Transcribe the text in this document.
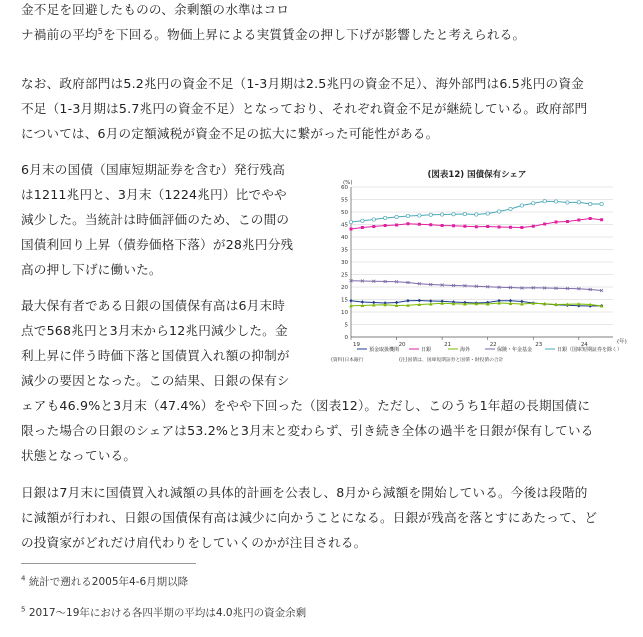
金不足を回避したものの、余剰額の水準はコロ
ナ禍前の平均$^5$を下回る。物価上昇による実質賃金の押し下げが影響したと考えられる。
なお、政府部門は5.2兆円の資金不足（1-3月期は2.5兆円の資金不足）、海外部門は6.5兆円の資金
不足（1-3月期は5.7兆円の資金不足）となっており、それぞれ資金不足が継続している。政府部門
については、6月の定額減税が資金不足の拡大に繋がった可能性がある。
6月末の国債（国庫短期証券を含む）発行残高
は1211兆円と、3月末（1224兆円）比でやや
減少した。当統計は時価評価のため、この間の
国債利回り上昇（債券価格下落）が28兆円分残
高の押し下げに働いた。
最大保有者である日銀の国債保有高は6月末時
点で568兆円と3月末から12兆円減少した。金
利上昇に伴う時価下落と国債買入れ額の抑制が
減少の要因となった。この結果、日銀の保有シ
ェアも46.9%と3月末（47.4%）をやや下回った（図表12）。ただし、このうち1年超の長期国債に
限った場合の日銀のシェアは53.2%と3月末と変わらず、引き続き全体の過半を日銀が保有している
状態となっている。
日銀は7月末に国債買入れ減額の具体的計画を公表し、8月から減額を開始している。今後は段階的
に減額が行われ、日銀の国債保有高は減少に向かうことになる。日銀が残高を落とすにあたって、ど
の投資家がどれだけ肩代わりをしていくのかが注目される。
(図表12) 国債保有シェア
(%)
(年)
0
5
10
15
20
25
30
35
40
45
50
55
60
19	20	21	22	23	24
預金取扱機関	日銀	海外	保険・年金基金	日銀（国庫短期証券を除く）
(資料)日本銀行	(注)国債は、国庫短期証券と国債・財投債の合計
$^4$ 統計で遡れる2005年4-6月期以降
$^5$ 2017～19年における各四半期の平均は4.0兆円の資金余剰
